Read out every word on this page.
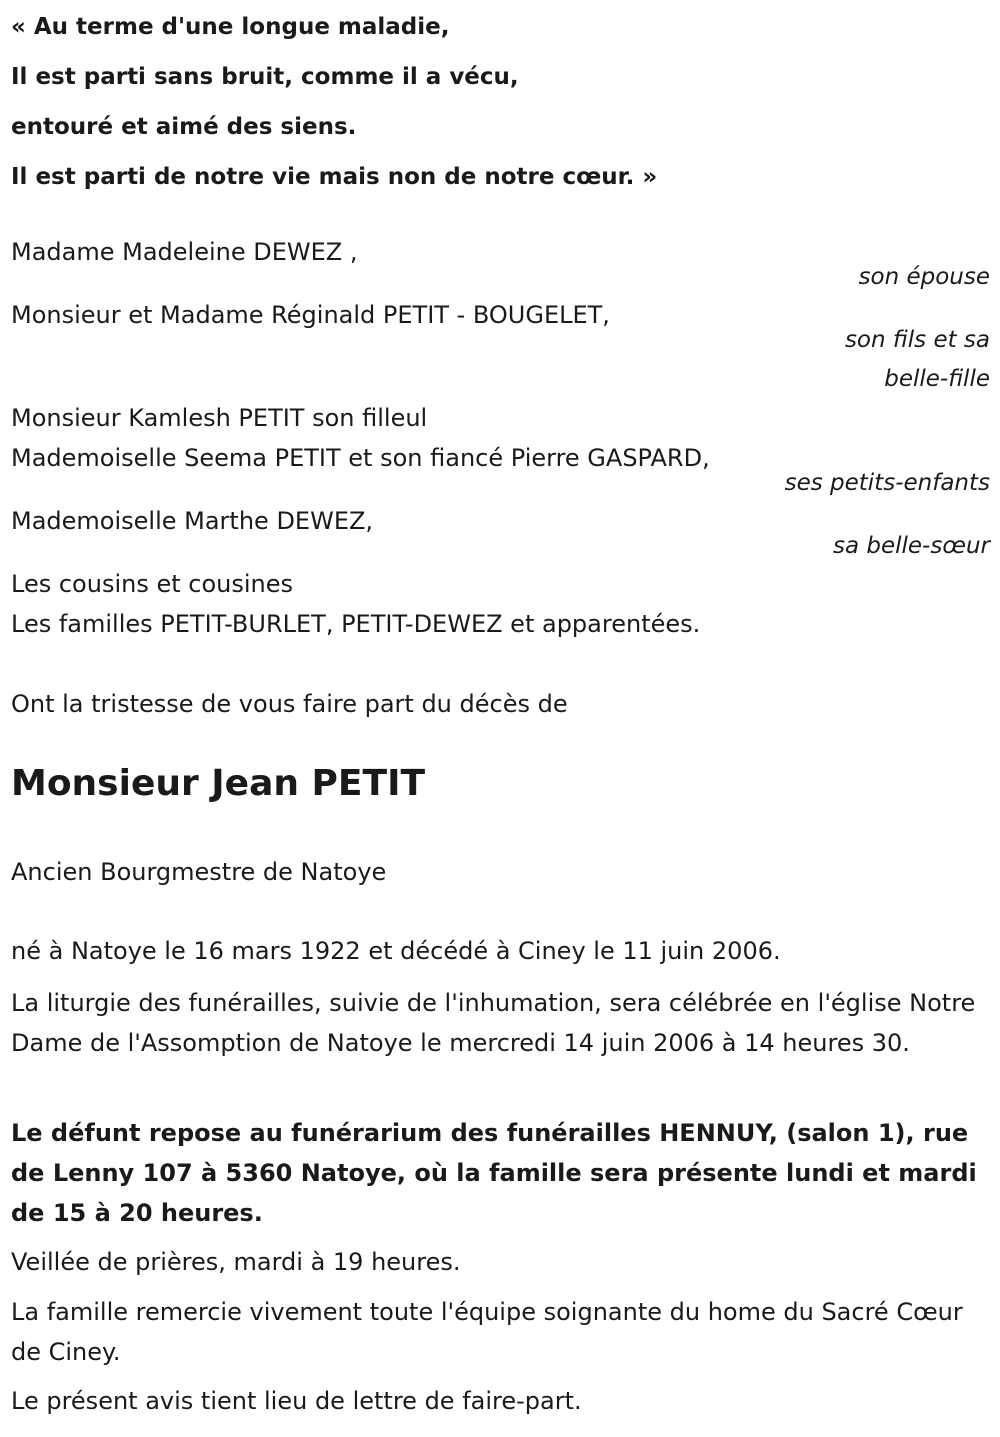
« Au terme d'une longue maladie,
Il est parti sans bruit, comme il a vécu,
entouré et aimé des siens.
Il est parti de notre vie mais non de notre cœur. »
Madame Madeleine DEWEZ ,
son épouse
Monsieur et Madame Réginald PETIT - BOUGELET,
son fils et sa
belle-fille
Monsieur Kamlesh PETIT son filleul
Mademoiselle Seema PETIT et son fiancé Pierre GASPARD,
ses petits-enfants
Mademoiselle Marthe DEWEZ,
sa belle-sœur
Les cousins et cousines
Les familles PETIT-BURLET, PETIT-DEWEZ et apparentées.
Ont la tristesse de vous faire part du décès de
Monsieur Jean PETIT
Ancien Bourgmestre de Natoye
né à Natoye le 16 mars 1922 et décédé à Ciney le 11 juin 2006.
La liturgie des funérailles, suivie de l'inhumation, sera célébrée en l'église Notre Dame de l'Assomption de Natoye le mercredi 14 juin 2006 à 14 heures 30.
Le défunt repose au funérarium des funérailles HENNUY, (salon 1), rue de Lenny 107 à 5360 Natoye, où la famille sera présente lundi et mardi de 15 à 20 heures.
Veillée de prières, mardi à 19 heures.
La famille remercie vivement toute l'équipe soignante du home du Sacré Cœur de Ciney.
Le présent avis tient lieu de lettre de faire-part.
